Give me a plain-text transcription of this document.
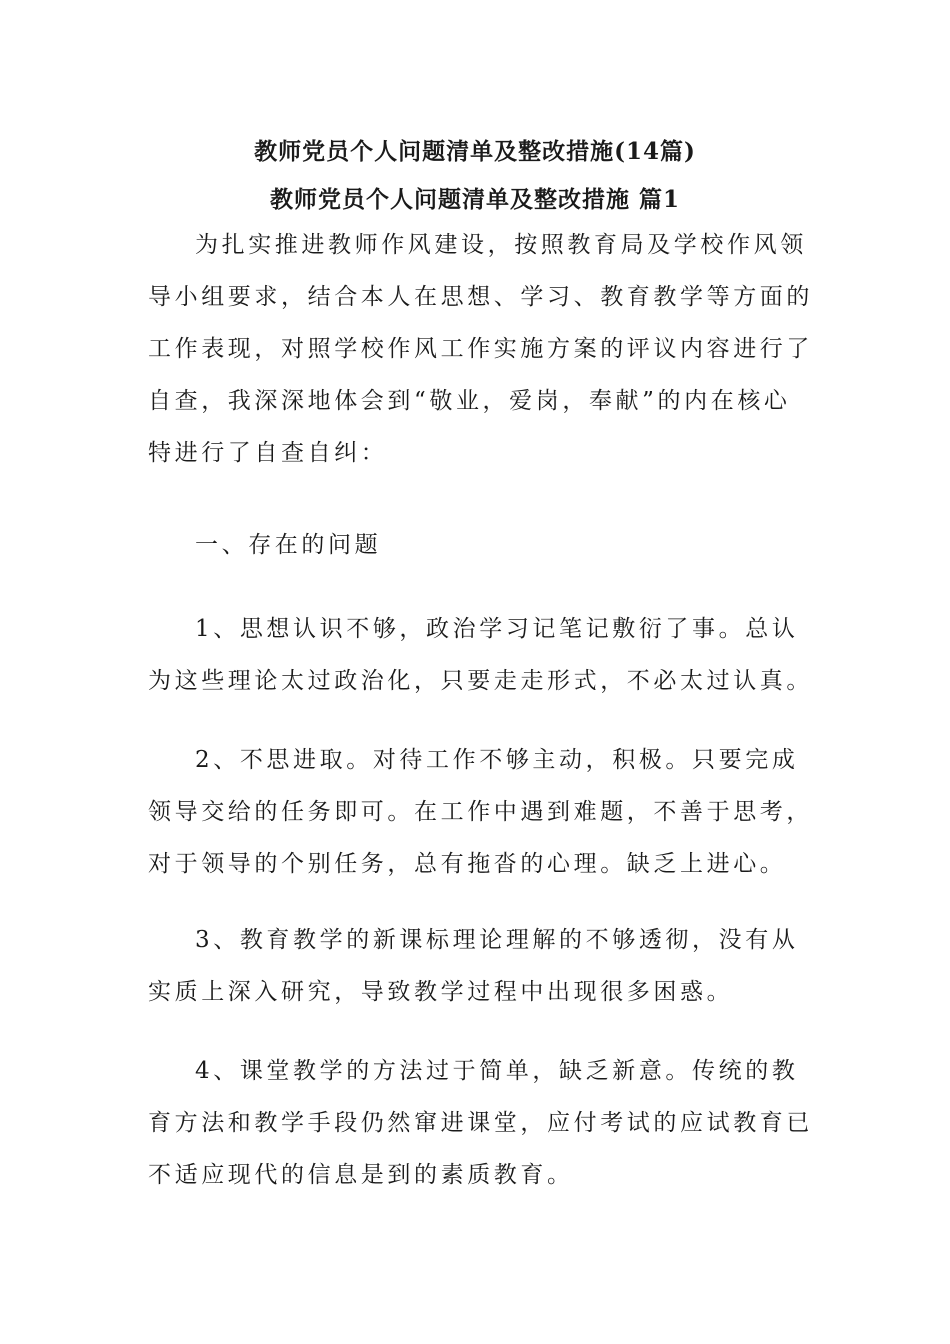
教师党员个人问题清单及整改措施(14篇)
教师党员个人问题清单及整改措施 篇1
为扎实推进教师作风建设，按照教育局及学校作风领
导小组要求，结合本人在思想、学习、教育教学等方面的
工作表现，对照学校作风工作实施方案的评议内容进行了
自查，我深深地体会到“敬业，爱岗，奉献”的内在核心
特进行了自查自纠：
一、存在的问题
1、思想认识不够，政治学习记笔记敷衍了事。总认
为这些理论太过政治化，只要走走形式，不必太过认真。
2、不思进取。对待工作不够主动，积极。只要完成
领导交给的任务即可。在工作中遇到难题，不善于思考，
对于领导的个别任务，总有拖沓的心理。缺乏上进心。
3、教育教学的新课标理论理解的不够透彻，没有从
实质上深入研究，导致教学过程中出现很多困惑。
4、课堂教学的方法过于简单，缺乏新意。传统的教
育方法和教学手段仍然窜进课堂，应付考试的应试教育已
不适应现代的信息是到的素质教育。
